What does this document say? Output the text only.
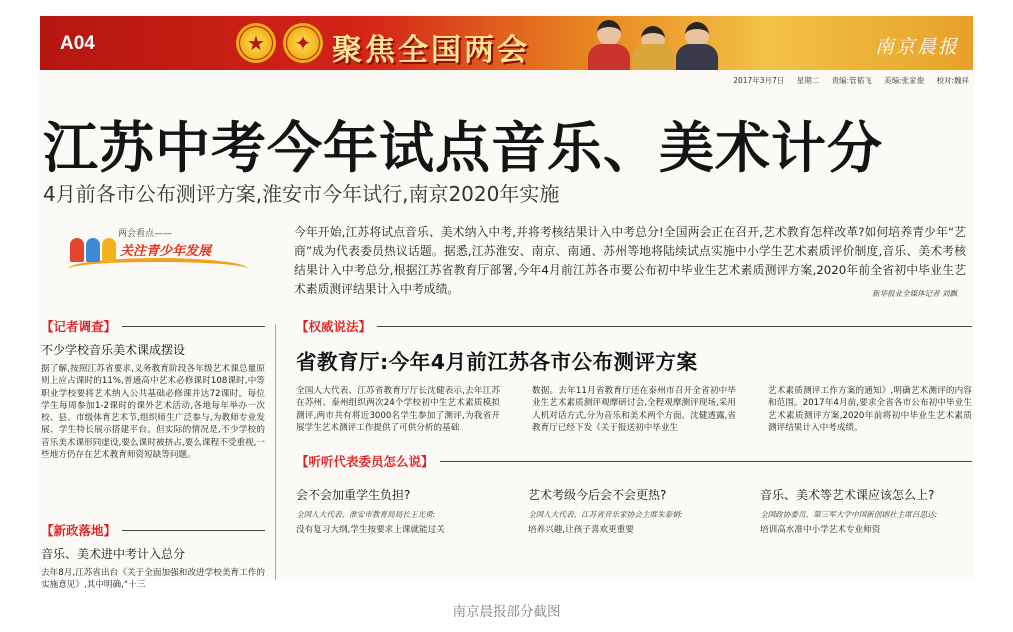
A04	★	✦ 聚焦全国两会	南京晨报
2017年3月7日 星期二 责编:管韬飞 美编:张家俊 校对:魏祥
江苏中考今年试点音乐、美术计分
4月前各市公布测评方案,淮安市今年试行,南京2020年实施
两会看点——
关注青少年发展
今年开始,江苏将试点音乐、美术纳入中考,并将考核结果计入中考总分!全国两会正在召开,艺术教育怎样改革?如何培养青少年“艺商”成为代表委员热议话题。据悉,江苏淮安、南京、南通、苏州等地将陆续试点实施中小学生艺术素质评价制度,音乐、美术考核结果计入中考总分,根据江苏省教育厅部署,今年4月前江苏各市要公布初中毕业生艺术素质测评方案,2020年前全省初中毕业生艺术素质测评结果计入中考成绩。	新华报业全媒体记者 刘飘
【记者调查】
不少学校音乐美术课成摆设
据了解,按照江苏省要求,义务教育阶段各年级艺术课总量原则上应占课时的11%,普通高中艺术必修课时108课时,中等职业学校要将艺术纳入公共基础必修课并达72课时。每位学生每周参加1-2课时的课外艺术活动,各地每年举办一次校、县、市级体育艺术节,组织师生广泛参与,为教师专业发展、学生特长展示搭建平台。但实际的情况是,不少学校的音乐美术课形同虚设,要么课时被挤占,要么课程不受重视,一些地方仍存在艺术教育师资短缺等问题。
【新政落地】
音乐、美术进中考计入总分
去年8月,江苏省出台《关于全面加强和改进学校美育工作的实施意见》,其中明确,“十三
【权威说法】
省教育厅:今年4月前江苏各市公布测评方案
全国人大代表、江苏省教育厅厅长沈健表示,去年江苏在苏州、泰州组织两次24个学校初中生艺术素质模拟测评,两市共有将近3000名学生参加了测评,为我省开展学生艺术测评工作提供了可供分析的基础
数据。去年11月省教育厅还在泰州市召开全省初中毕业生艺术素质测评观摩研讨会,全程观摩测评现场,采用人机对话方式,分为音乐和美术两个方面。沈健透露,省教育厅已经下发《关于报送初中毕业生
艺术素质测评工作方案的通知》,明确艺术测评的内容和范围。2017年4月前,要求全省各市公布初中毕业生艺术素质测评方案,2020年前将初中毕业生艺术素质测评结果计入中考成绩。
【听听代表委员怎么说】
会不会加重学生负担?
全国人大代表、淮安市教育局局长王光勇:
没有复习大纲,学生按要求上课就能过关
艺术考级今后会不会更热?
全国人大代表、江苏省音乐家协会主席朱泰娟:
培养兴趣,让孩子喜欢更重要
音乐、美术等艺术课应该怎么上?
全国政协委员、第三军大学中国新创剧社主席吕思达:
培训高水准中小学艺术专业师资
南京晨报部分截图
